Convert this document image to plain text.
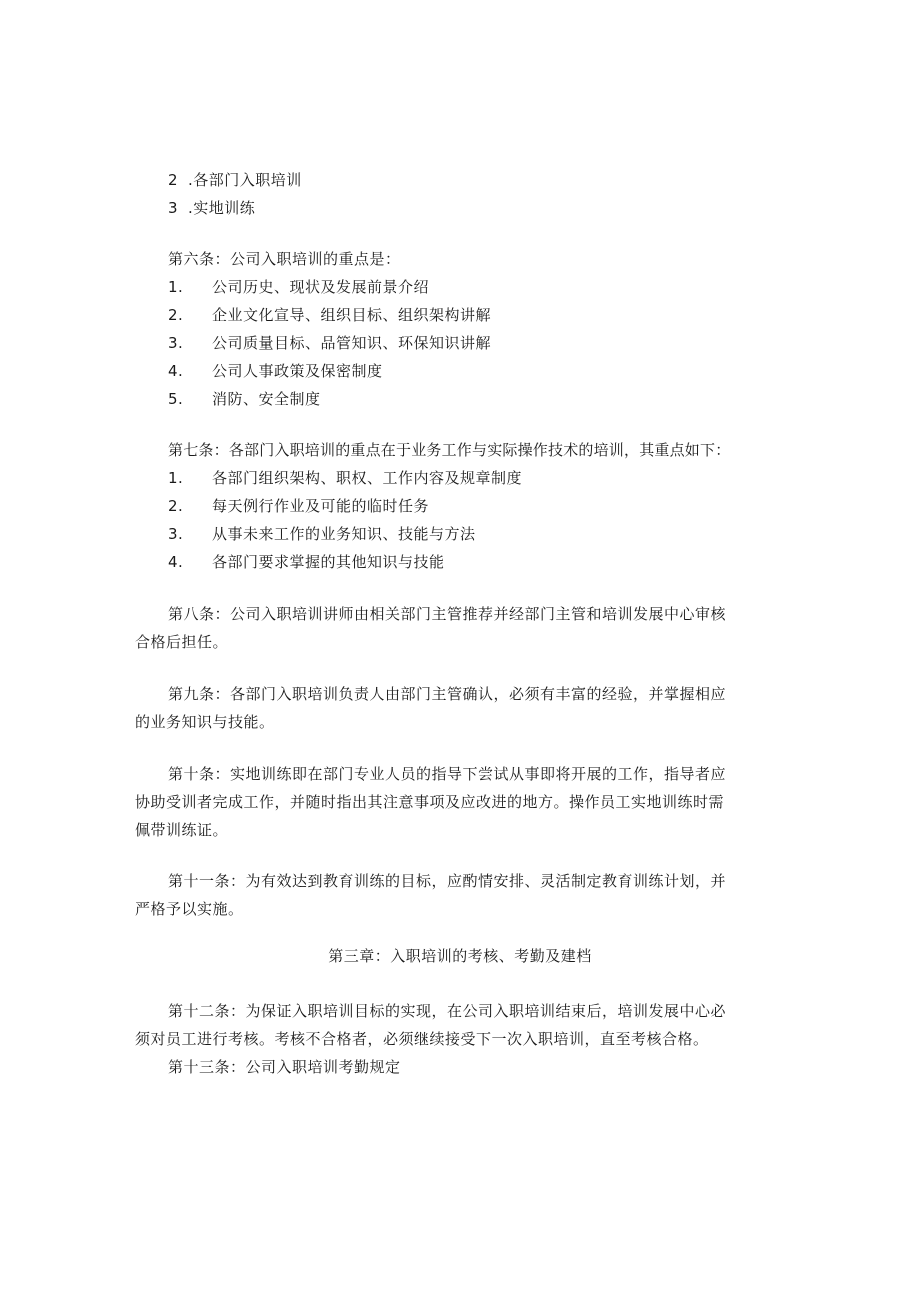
2 .各部门入职培训
3 .实地训练
第六条：公司入职培训的重点是：
1. 公司历史、现状及发展前景介绍
2. 企业文化宣导、组织目标、组织架构讲解
3. 公司质量目标、品管知识、环保知识讲解
4. 公司人事政策及保密制度
5. 消防、安全制度
第七条：各部门入职培训的重点在于业务工作与实际操作技术的培训，其重点如下：
1. 各部门组织架构、职权、工作内容及规章制度
2. 每天例行作业及可能的临时任务
3. 从事未来工作的业务知识、技能与方法
4. 各部门要求掌握的其他知识与技能
第八条：公司入职培训讲师由相关部门主管推荐并经部门主管和培训发展中心审核
合格后担任。
第九条：各部门入职培训负责人由部门主管确认，必须有丰富的经验，并掌握相应
的业务知识与技能。
第十条：实地训练即在部门专业人员的指导下尝试从事即将开展的工作，指导者应
协助受训者完成工作，并随时指出其注意事项及应改进的地方。操作员工实地训练时需
佩带训练证。
第十一条：为有效达到教育训练的目标，应酌情安排、灵活制定教育训练计划，并
严格予以实施。
第三章：入职培训的考核、考勤及建档
第十二条：为保证入职培训目标的实现，在公司入职培训结束后，培训发展中心必
须对员工进行考核。考核不合格者，必须继续接受下一次入职培训，直至考核合格。
第十三条：公司入职培训考勤规定
